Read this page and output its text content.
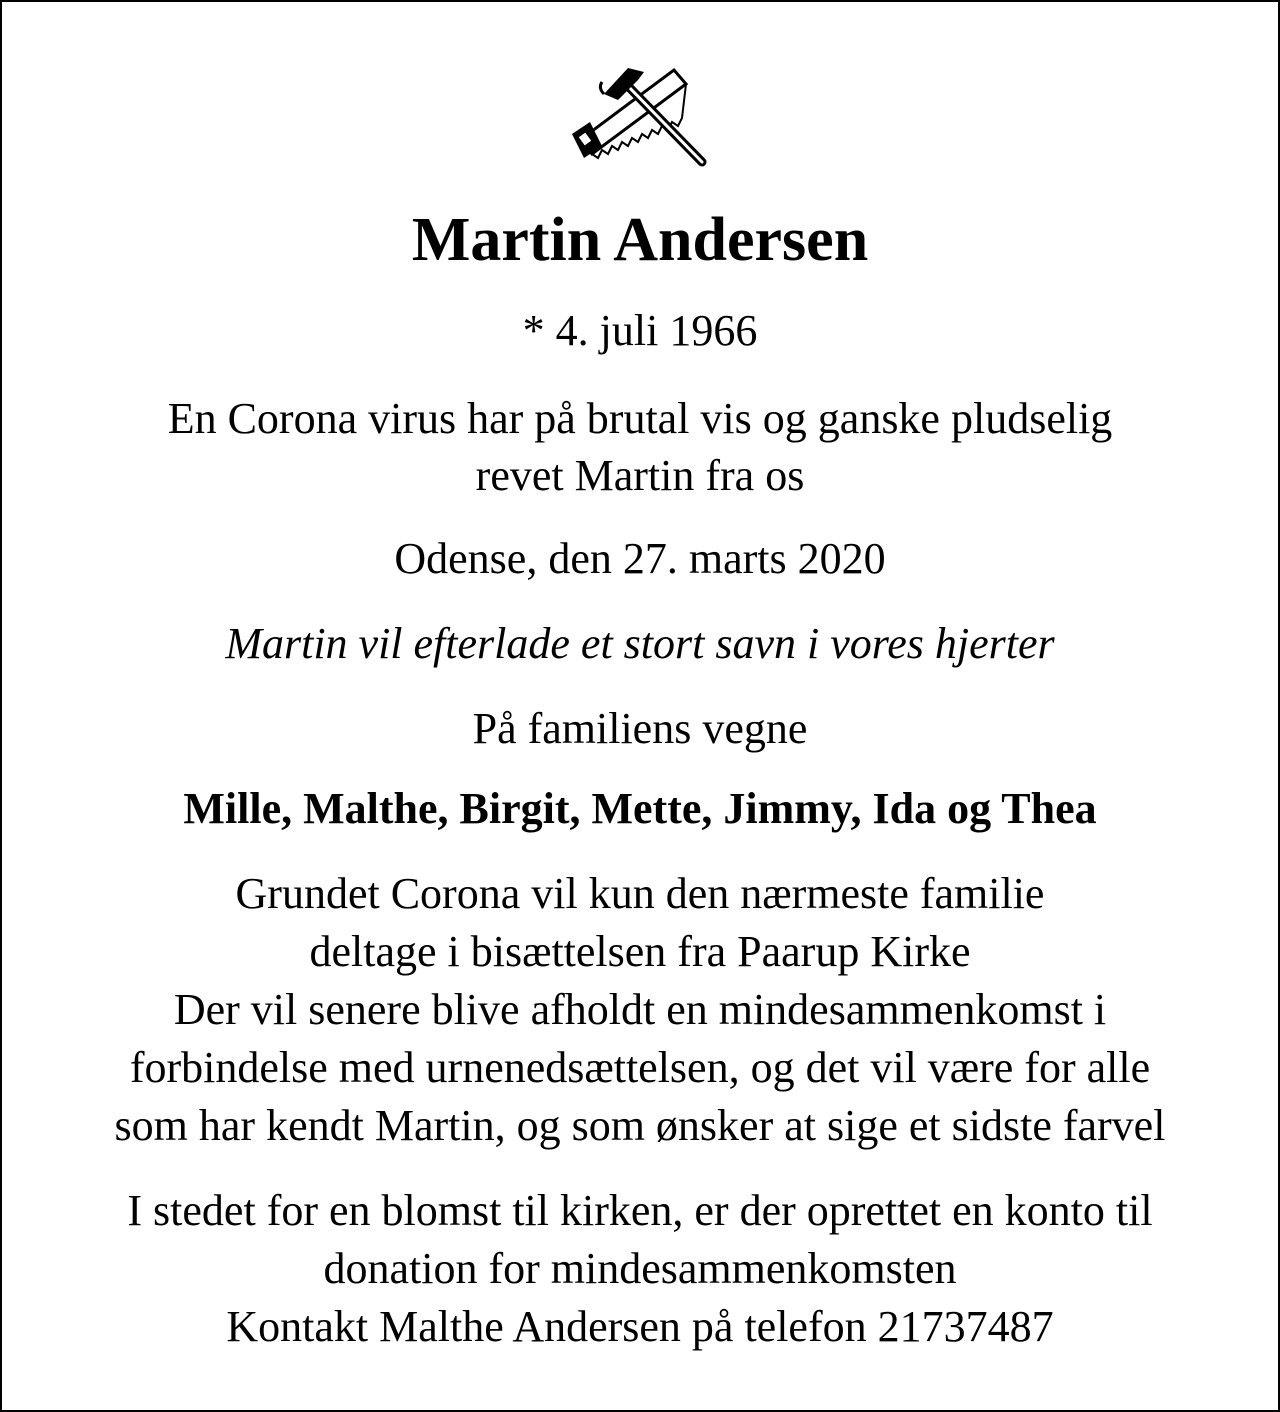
Martin Andersen

* 4. juli 1966

En Corona virus har på brutal vis og ganske pludselig

revet Martin fra os

Odense, den 27. marts 2020

Martin vil efterlade et stort savn i vores hjerter

På familiens vegne

Mille, Malthe, Birgit, Mette, Jimmy, Ida og Thea

Grundet Corona vil kun den nærmeste familie

deltage i bisættelsen fra Paarup Kirke

Der vil senere blive afholdt en mindesammenkomst i

forbindelse med urnenedsættelsen, og det vil være for alle

som har kendt Martin, og som ønsker at sige et sidste farvel

I stedet for en blomst til kirken, er der oprettet en konto til

donation for mindesammenkomsten

Kontakt Malthe Andersen på telefon 21737487
